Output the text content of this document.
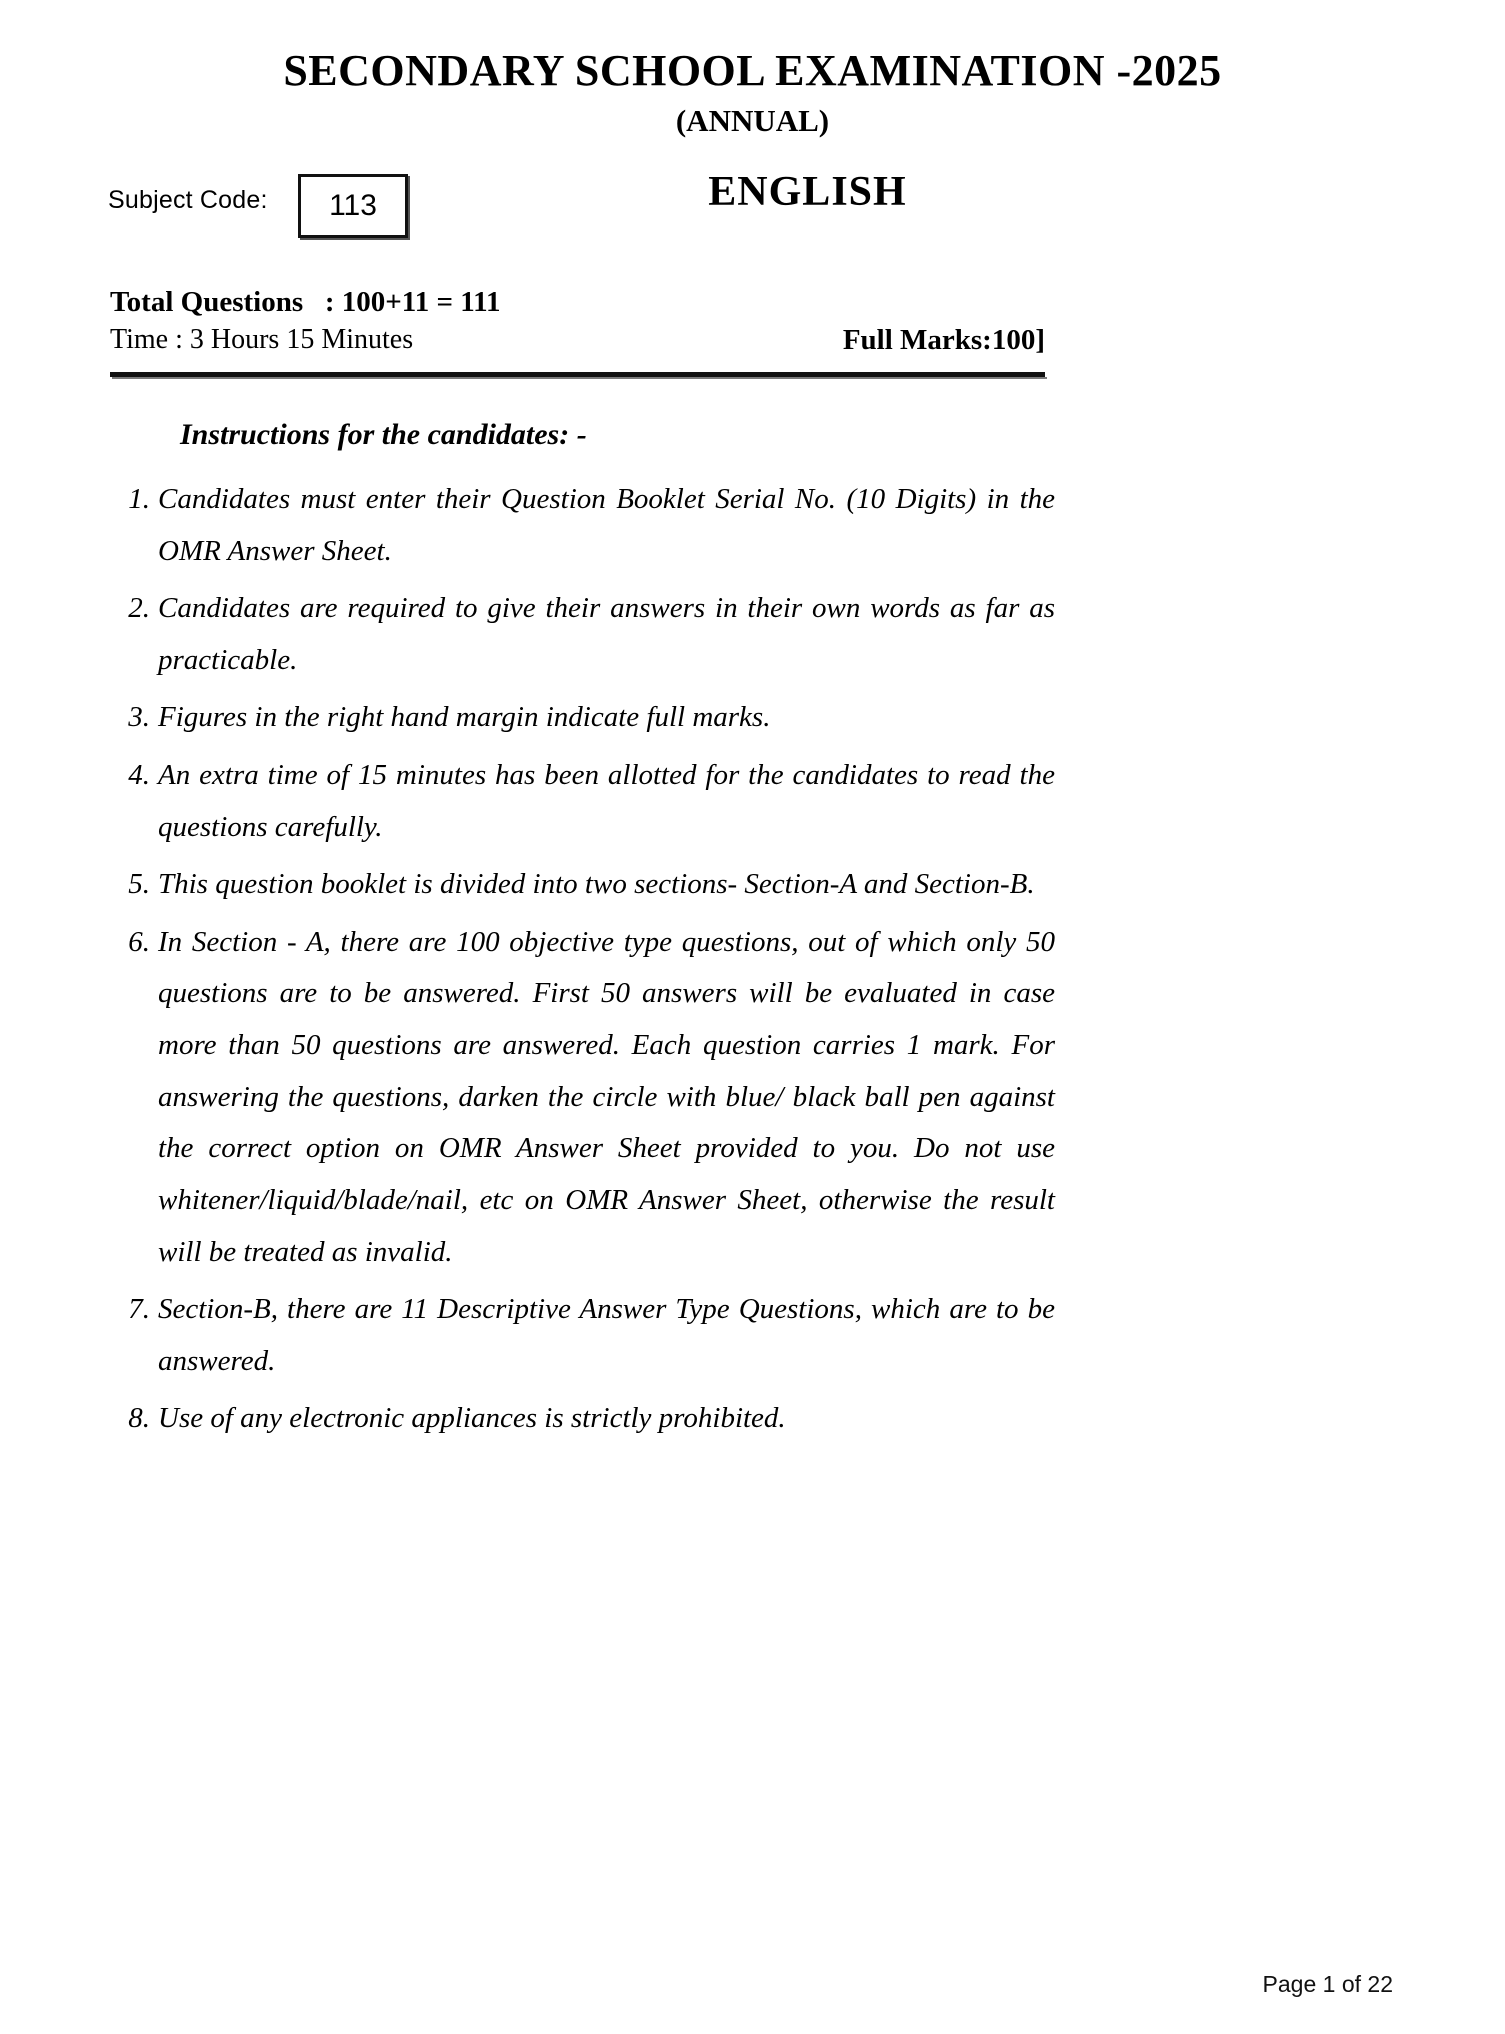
SECONDARY SCHOOL EXAMINATION -2025
(ANNUAL)
Subject Code:	113	ENGLISH
Total Questions   : 100+11 = 111
Time : 3 Hours 15 Minutes	Full Marks:100]
Instructions for the candidates: -
1. Candidates must enter their Question Booklet Serial No. (10 Digits) in the OMR Answer Sheet.
2. Candidates are required to give their answers in their own words as far as practicable.
3. Figures in the right hand margin indicate full marks.
4. An extra time of 15 minutes has been allotted for the candidates to read the questions carefully.
5. This question booklet is divided into two sections- Section-A and Section-B.
6. In Section - A, there are 100 objective type questions, out of which only 50 questions are to be answered. First 50 answers will be evaluated in case more than 50 questions are answered. Each question carries 1 mark. For answering the questions, darken the circle with blue/ black ball pen against the correct option on OMR Answer Sheet provided to you. Do not use whitener/liquid/blade/nail, etc on OMR Answer Sheet, otherwise the result will be treated as invalid.
7. Section-B, there are 11 Descriptive Answer Type Questions, which are to be answered.
8. Use of any electronic appliances is strictly prohibited.
Page 1 of 22
